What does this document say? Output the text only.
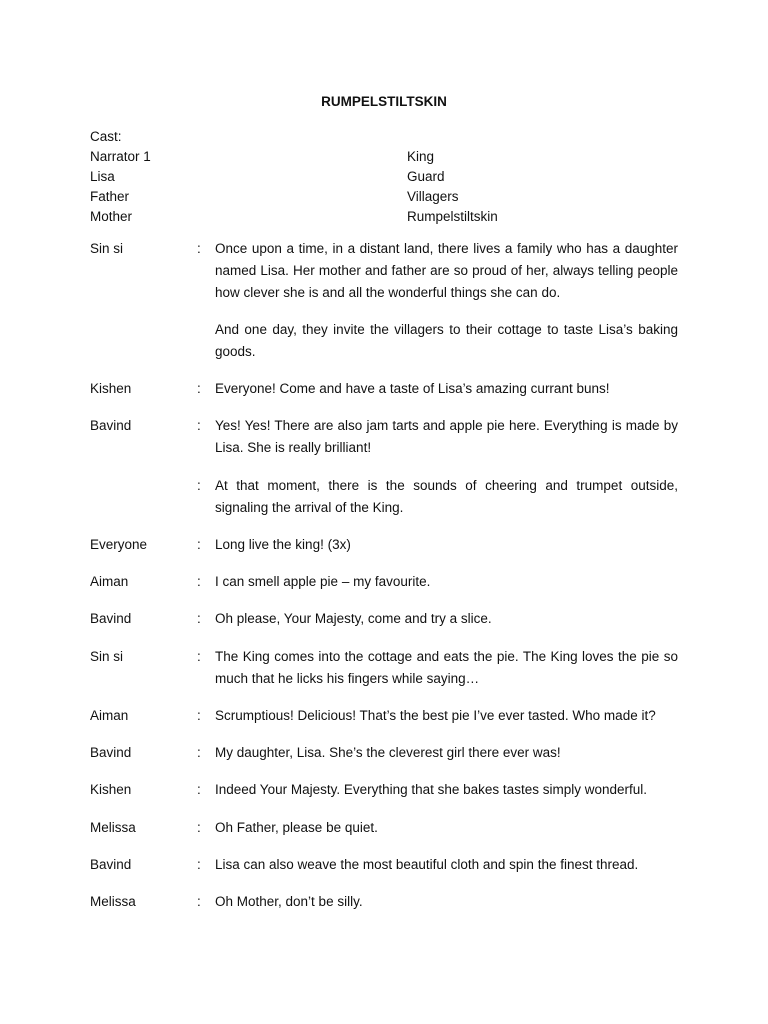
RUMPELSTILTSKIN
Cast:
Narrator 1
Lisa
Father
Mother
King
Guard
Villagers
Rumpelstiltskin
Sin si	:	Once upon a time, in a distant land, there lives a family who has a daughter named Lisa. Her mother and father are so proud of her, always telling people how clever she is and all the wonderful things she can do.
And one day, they invite the villagers to their cottage to taste Lisa’s baking goods.
Kishen	:	Everyone! Come and have a taste of Lisa’s amazing currant buns!
Bavind	:	Yes! Yes! There are also jam tarts and apple pie here. Everything is made by Lisa. She is really brilliant!
:	At that moment, there is the sounds of cheering and trumpet outside, signaling the arrival of the King.
Everyone	:	Long live the king! (3x)
Aiman	:	I can smell apple pie – my favourite.
Bavind	:	Oh please, Your Majesty, come and try a slice.
Sin si	:	The King comes into the cottage and eats the pie. The King loves the pie so much that he licks his fingers while saying…
Aiman	:	Scrumptious! Delicious! That’s the best pie I’ve ever tasted. Who made it?
Bavind	:	My daughter, Lisa. She’s the cleverest girl there ever was!
Kishen	:	Indeed Your Majesty. Everything that she bakes tastes simply wonderful.
Melissa	:	Oh Father, please be quiet.
Bavind	:	Lisa can also weave the most beautiful cloth and spin the finest thread.
Melissa	:	Oh Mother, don’t be silly.
